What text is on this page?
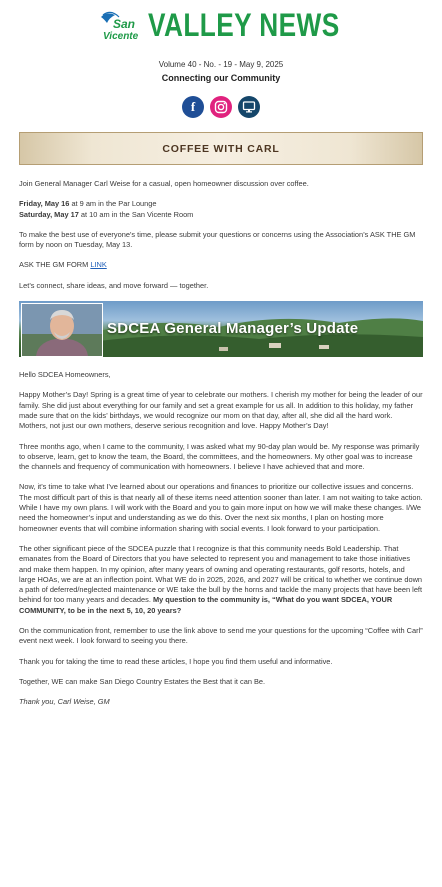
San
Vicente VALLEY NEWS
Volume 40 - No. - 19 - May 9, 2025
Connecting our Community
f
COFFEE WITH CARL

Join General Manager Carl Weise for a casual, open homeowner discussion over coffee.

Friday, May 16 at 9 am in the Par Lounge

Saturday, May 17 at 10 am in the San Vicente Room

To make the best use of everyone’s time, please submit your questions or concerns using the Association’s ASK THE GM form by noon on Tuesday, May 13.

ASK THE GM FORM LINK

Let’s connect, share ideas, and move forward — together.

SDCEA General Manager’s Update

Hello SDCEA Homeowners,

Happy Mother’s Day! Spring is a great time of year to celebrate our mothers. I cherish my mother for being the leader of our family. She did just about everything for our family and set a great example for us all. In addition to this holiday, my father made sure that on the kids’ birthdays, we would recognize our mom on that day, after all, she did all the hard work. Mothers, not just our own mothers, deserve serious recognition and love. Happy Mother’s Day!

Three months ago, when I came to the community, I was asked what my 90-day plan would be. My response was primarily to observe, learn, get to know the team, the Board, the committees, and the homeowners. My other goal was to increase the channels and frequency of communication with homeowners. I believe I have achieved that and more.

Now, it’s time to take what I’ve learned about our operations and finances to prioritize our collective issues and concerns. The most difficult part of this is that nearly all of these items need attention sooner than later. I am not waiting to take action. While I have my own plans. I will work with the Board and you to gain more input on how we will make these changes. I/We need the homeowner’s input and understanding as we do this. Over the next six months, I plan on hosting more homeowner events that will combine information sharing with social events. I look forward to your participation.

The other significant piece of the SDCEA puzzle that I recognize is that this community needs Bold Leadership. That emanates from the Board of Directors that you have selected to represent you and management to take those initiatives and make them happen. In my opinion, after many years of owning and operating restaurants, golf resorts, hotels, and large HOAs, we are at an inflection point. What WE do in 2025, 2026, and 2027 will be critical to whether we continue down a path of deferred/neglected maintenance or WE take the bull by the horns and tackle the many projects that have been left behind for too many years and decades. My question to the community is, “What do you want SDCEA, YOUR COMMUNITY, to be in the next 5, 10, 20 years?

On the communication front, remember to use the link above to send me your questions for the upcoming “Coffee with Carl” event next week. I look forward to seeing you there.

Thank you for taking the time to read these articles, I hope you find them useful and informative.

Together, WE can make San Diego Country Estates the Best that it can Be.

Thank you, Carl Weise, GM
